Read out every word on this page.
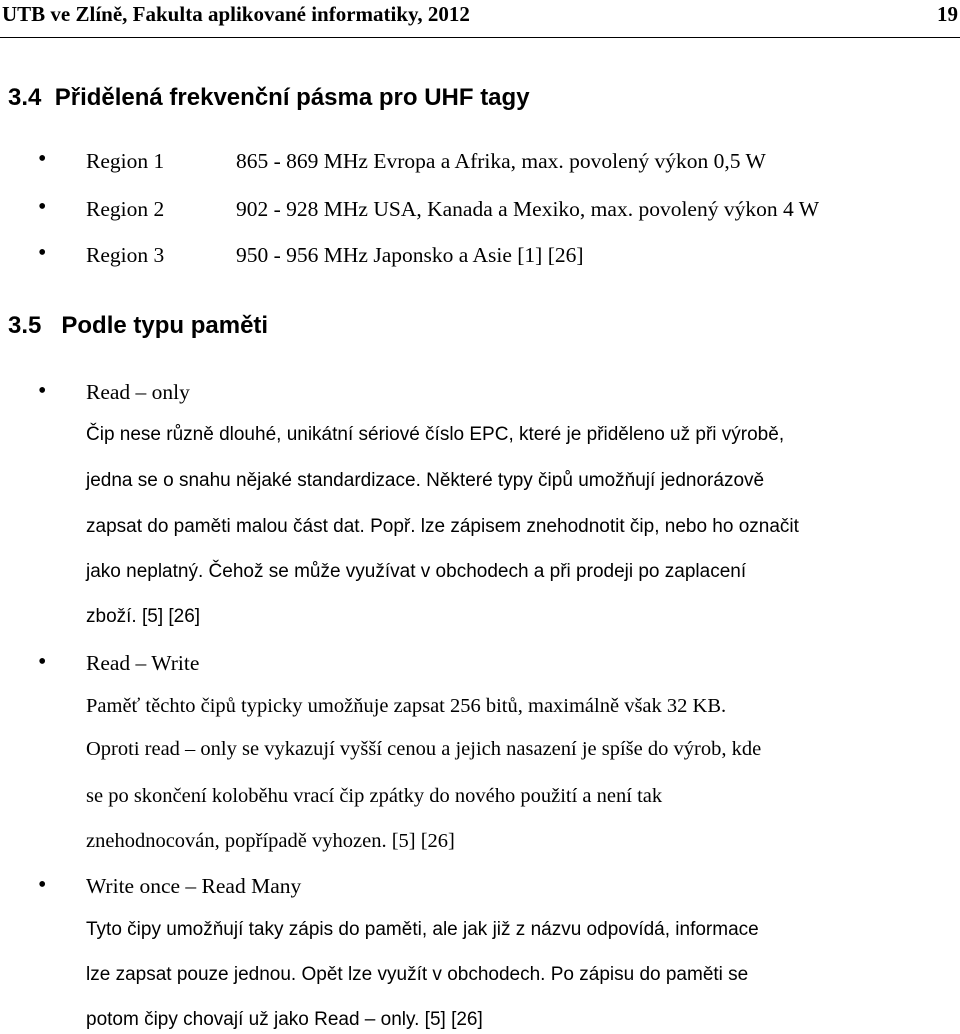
UTB ve Zlíně, Fakulta aplikované informatiky, 2012	19
3.4 Přidělená frekvenční pásma pro UHF tagy
• Region 1	865 - 869 MHz Evropa a Afrika, max. povolený výkon 0,5 W
• Region 2	902 - 928 MHz USA, Kanada a Mexiko, max. povolený výkon 4 W
• Region 3	950 - 956 MHz Japonsko a Asie [1] [26]
3.5 Podle typu paměti
• Read – only
Čip nese různě dlouhé, unikátní sériové číslo EPC, které je přiděleno už při výrobě,
jedna se o snahu nějaké standardizace. Některé typy čipů umožňují jednorázově
zapsat do paměti malou část dat. Popř. lze zápisem znehodnotit čip, nebo ho označit
jako neplatný. Čehož se může využívat v obchodech a při prodeji po zaplacení
zboží. [5] [26]
• Read – Write
Paměť těchto čipů typicky umožňuje zapsat 256 bitů, maximálně však 32 KB.
Oproti read – only se vykazují vyšší cenou a jejich nasazení je spíše do výrob, kde
se po skončení koloběhu vrací čip zpátky do nového použití a není tak
znehodnocován, popřípadě vyhozen. [5] [26]
• Write once – Read Many
Tyto čipy umožňují taky zápis do paměti, ale jak již z názvu odpovídá, informace
lze zapsat pouze jednou. Opět lze využít v obchodech. Po zápisu do paměti se
potom čipy chovají už jako Read – only. [5] [26]
